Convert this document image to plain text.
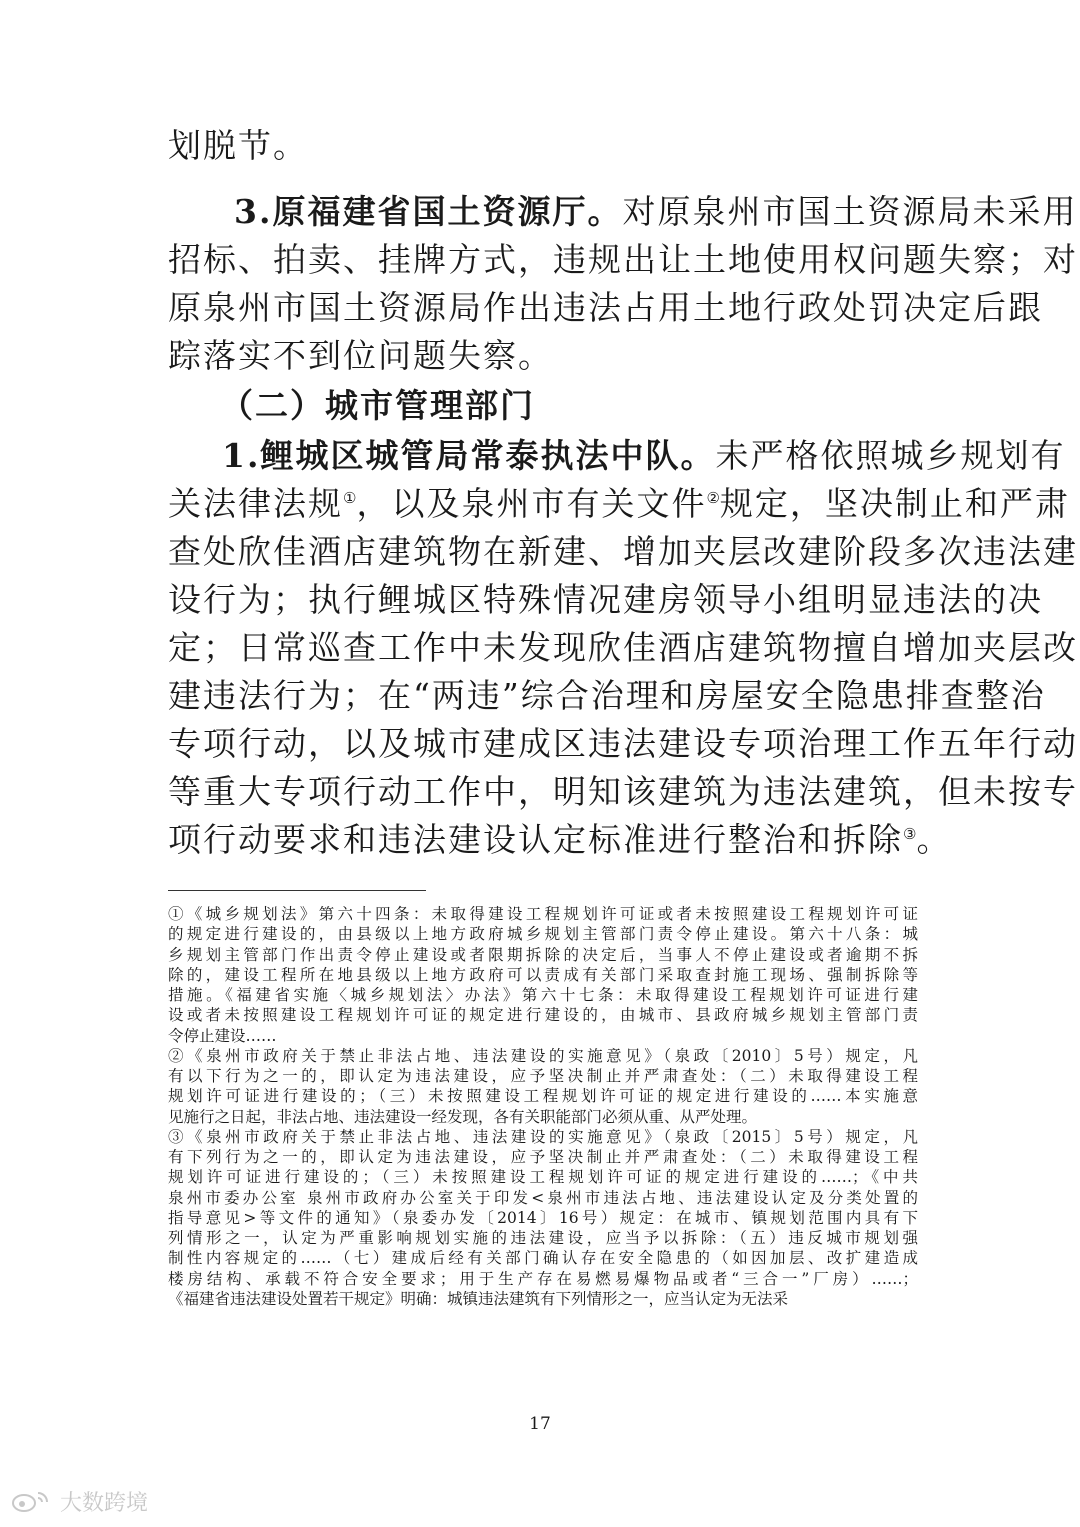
划脱节。
3.原福建省国土资源厅。对原泉州市国土资源局未采用
招标、拍卖、挂牌方式，违规出让土地使用权问题失察；对
原泉州市国土资源局作出违法占用土地行政处罚决定后跟
踪落实不到位问题失察。
（二）城市管理部门
1.鲤城区城管局常泰执法中队。未严格依照城乡规划有
关法律法规①，以及泉州市有关文件②规定，坚决制止和严肃
查处欣佳酒店建筑物在新建、增加夹层改建阶段多次违法建
设行为；执行鲤城区特殊情况建房领导小组明显违法的决
定；日常巡查工作中未发现欣佳酒店建筑物擅自增加夹层改
建违法行为；在“两违”综合治理和房屋安全隐患排查整治
专项行动，以及城市建成区违法建设专项治理工作五年行动
等重大专项行动工作中，明知该建筑为违法建筑，但未按专
项行动要求和违法建设认定标准进行整治和拆除③。
①《城乡规划法》第六十四条：未取得建设工程规划许可证或者未按照建设工程规划许可证
的规定进行建设的，由县级以上地方政府城乡规划主管部门责令停止建设。第六十八条：城
乡规划主管部门作出责令停止建设或者限期拆除的决定后，当事人不停止建设或者逾期不拆
除的，建设工程所在地县级以上地方政府可以责成有关部门采取查封施工现场、强制拆除等
措施。《福建省实施〈城乡规划法〉办法》第六十七条：未取得建设工程规划许可证进行建
设或者未按照建设工程规划许可证的规定进行建设的，由城市、县政府城乡规划主管部门责
令停止建设……
②《泉州市政府关于禁止非法占地、违法建设的实施意见》（泉政〔2010〕5号）规定，凡
有以下行为之一的，即认定为违法建设，应予坚决制止并严肃查处：（二）未取得建设工程
规划许可证进行建设的；（三）未按照建设工程规划许可证的规定进行建设的……本实施意
见施行之日起，非法占地、违法建设一经发现，各有关职能部门必须从重、从严处理。
③《泉州市政府关于禁止非法占地、违法建设的实施意见》（泉政〔2015〕5号）规定，凡
有下列行为之一的，即认定为违法建设，应予坚决制止并严肃查处：（二）未取得建设工程
规划许可证进行建设的；（三）未按照建设工程规划许可证的规定进行建设的……；《中共
泉州市委办公室 泉州市政府办公室关于印发<泉州市违法占地、违法建设认定及分类处置的
指导意见>等文件的通知》（泉委办发〔2014〕16号）规定：在城市、镇规划范围内具有下
列情形之一，认定为严重影响规划实施的违法建设，应当予以拆除：（五）违反城市规划强
制性内容规定的……（七）建成后经有关部门确认存在安全隐患的（如因加层、改扩建造成
楼房结构、承载不符合安全要求；用于生产存在易燃易爆物品或者“三合一”厂房）……；
《福建省违法建设处置若干规定》明确：城镇违法建筑有下列情形之一，应当认定为无法采
17
大数跨境
